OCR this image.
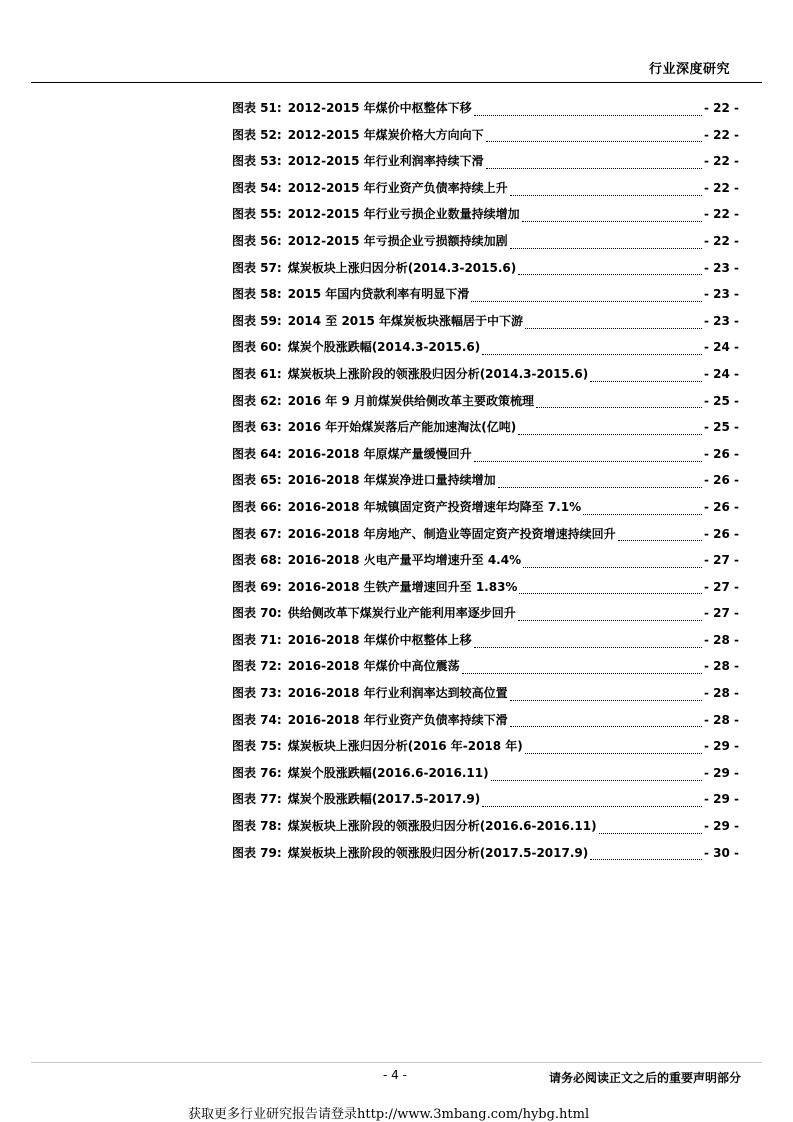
行业深度研究
图表 51: 2012-2015 年煤价中枢整体下移	- 22 -
图表 52: 2012-2015 年煤炭价格大方向向下	- 22 -
图表 53: 2012-2015 年行业利润率持续下滑	- 22 -
图表 54: 2012-2015 年行业资产负债率持续上升	- 22 -
图表 55: 2012-2015 年行业亏损企业数量持续增加	- 22 -
图表 56: 2012-2015 年亏损企业亏损额持续加剧	- 22 -
图表 57: 煤炭板块上涨归因分析(2014.3-2015.6)	- 23 -
图表 58: 2015 年国内贷款利率有明显下滑	- 23 -
图表 59: 2014 至 2015 年煤炭板块涨幅居于中下游	- 23 -
图表 60: 煤炭个股涨跌幅(2014.3-2015.6)	- 24 -
图表 61: 煤炭板块上涨阶段的领涨股归因分析(2014.3-2015.6)	- 24 -
图表 62: 2016 年 9 月前煤炭供给侧改革主要政策梳理	- 25 -
图表 63: 2016 年开始煤炭落后产能加速淘汰(亿吨)	- 25 -
图表 64: 2016-2018 年原煤产量缓慢回升	- 26 -
图表 65: 2016-2018 年煤炭净进口量持续增加	- 26 -
图表 66: 2016-2018 年城镇固定资产投资增速年均降至 7.1%	- 26 -
图表 67: 2016-2018 年房地产、制造业等固定资产投资增速持续回升	- 26 -
图表 68: 2016-2018 火电产量平均增速升至 4.4%	- 27 -
图表 69: 2016-2018 生铁产量增速回升至 1.83%	- 27 -
图表 70: 供给侧改革下煤炭行业产能利用率逐步回升	- 27 -
图表 71: 2016-2018 年煤价中枢整体上移	- 28 -
图表 72: 2016-2018 年煤价中高位震荡	- 28 -
图表 73: 2016-2018 年行业利润率达到较高位置	- 28 -
图表 74: 2016-2018 年行业资产负债率持续下滑	- 28 -
图表 75: 煤炭板块上涨归因分析(2016 年-2018 年)	- 29 -
图表 76: 煤炭个股涨跌幅(2016.6-2016.11)	- 29 -
图表 77: 煤炭个股涨跌幅(2017.5-2017.9)	- 29 -
图表 78: 煤炭板块上涨阶段的领涨股归因分析(2016.6-2016.11)	- 29 -
图表 79: 煤炭板块上涨阶段的领涨股归因分析(2017.5-2017.9)	- 30 -
- 4 -	请务必阅读正文之后的重要声明部分
获取更多行业研究报告请登录http://www.3mbang.com/hybg.html
